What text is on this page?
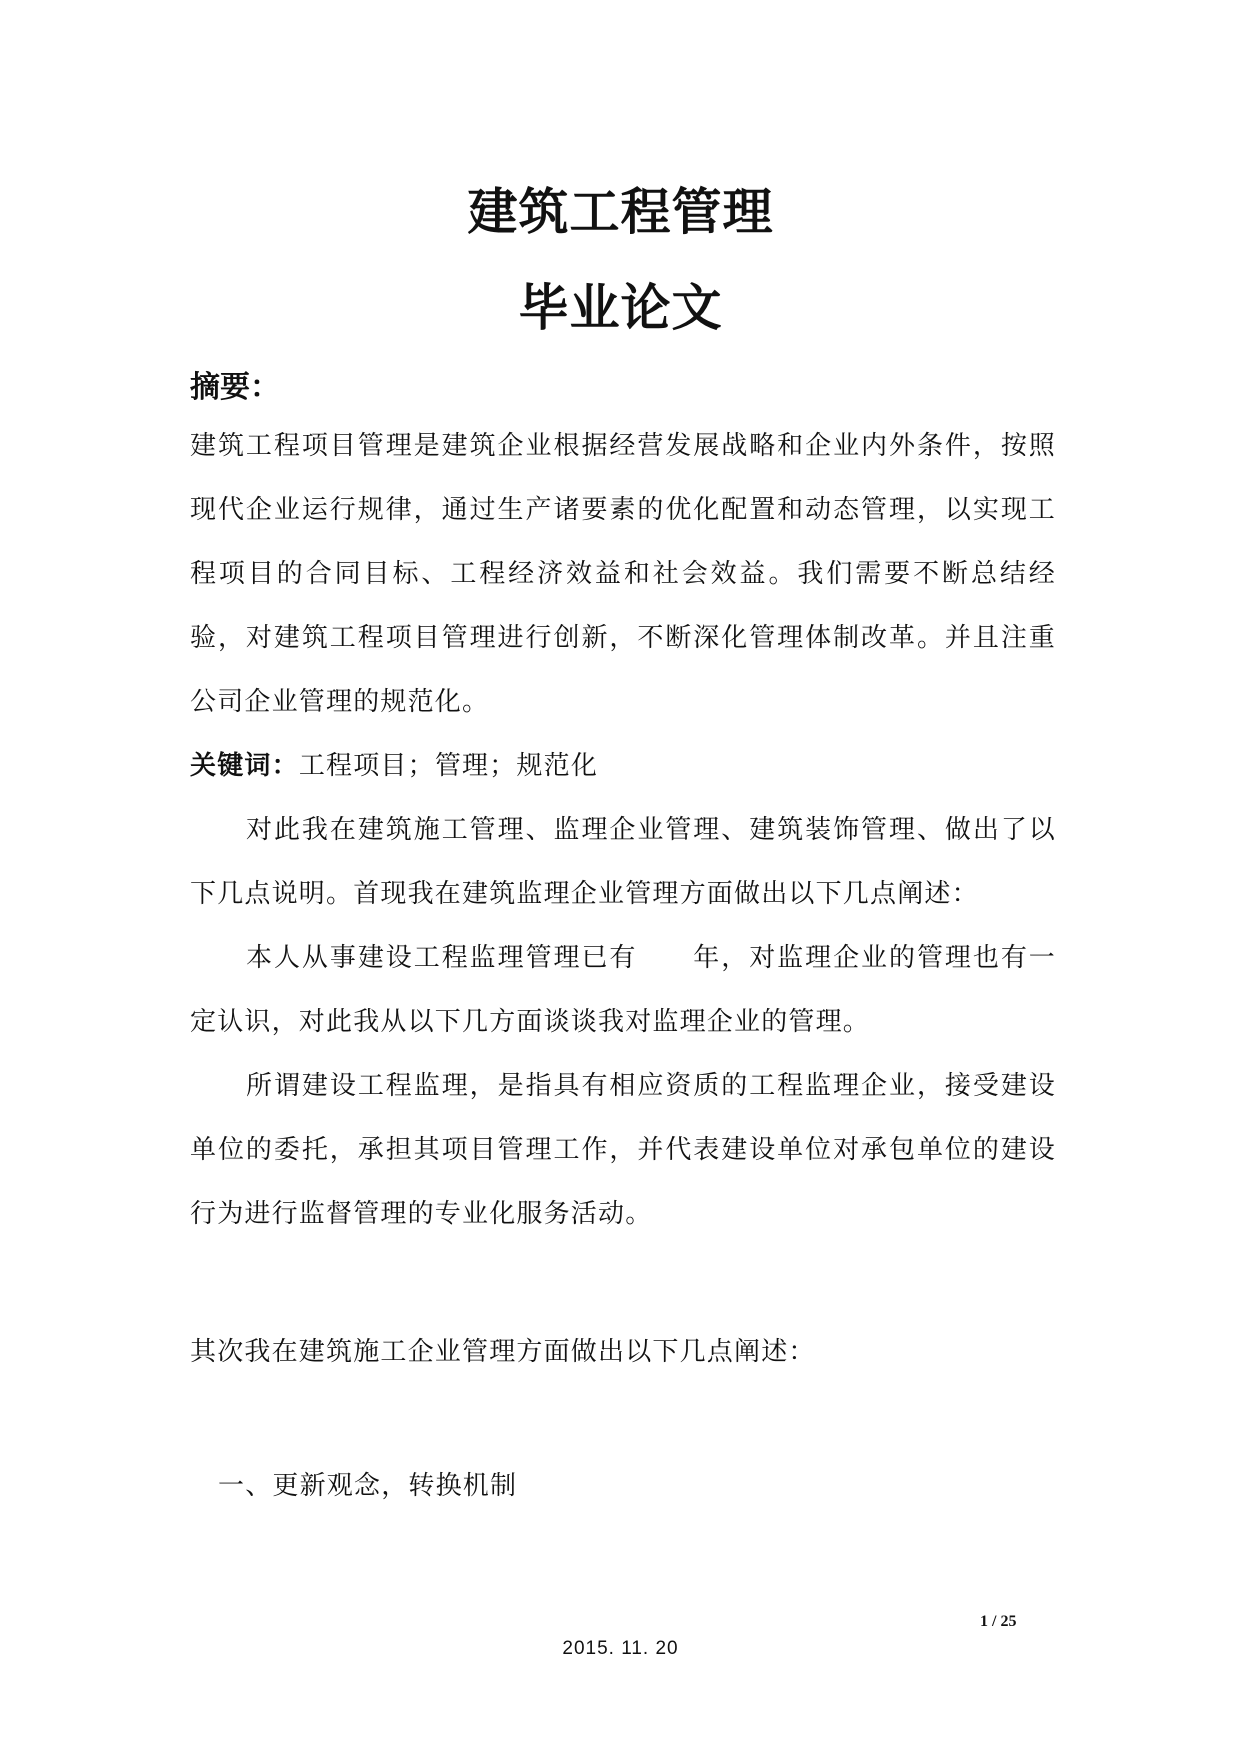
建筑工程管理
毕业论文
摘要：

建筑工程项目管理是建筑企业根据经营发展战略和企业内外条件，按照现代企业运行规律，通过生产诸要素的优化配置和动态管理，以实现工程项目的合同目标、工程经济效益和社会效益。我们需要不断总结经验，对建筑工程项目管理进行创新，不断深化管理体制改革。并且注重公司企业管理的规范化。

关键词：工程项目；管理；规范化

对此我在建筑施工管理、监理企业管理、建筑装饰管理、做出了以下几点说明。首现我在建筑监理企业管理方面做出以下几点阐述：

本人从事建设工程监理管理已有　　年，对监理企业的管理也有一定认识，对此我从以下几方面谈谈我对监理企业的管理。

所谓建设工程监理，是指具有相应资质的工程监理企业，接受建设单位的委托，承担其项目管理工作，并代表建设单位对承包单位的建设行为进行监督管理的专业化服务活动。

其次我在建筑施工企业管理方面做出以下几点阐述：

一、更新观念，转换机制

1 / 25
2015. 11. 20
